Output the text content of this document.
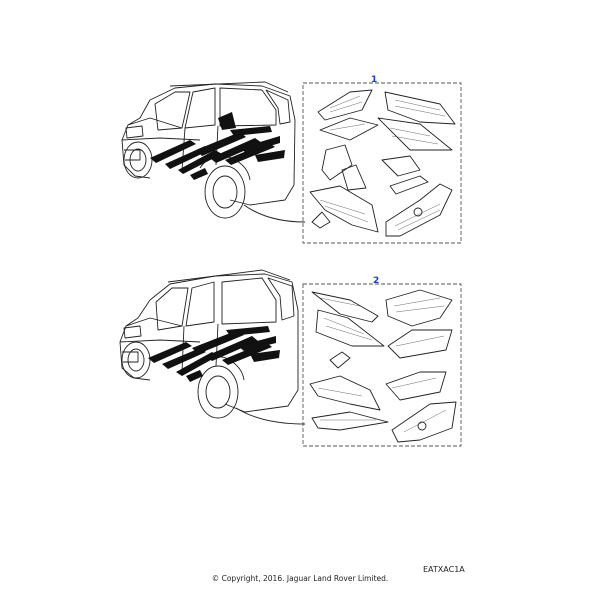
1
2
EATXAC1A
© Copyright, 2016. Jaguar Land Rover Limited.
